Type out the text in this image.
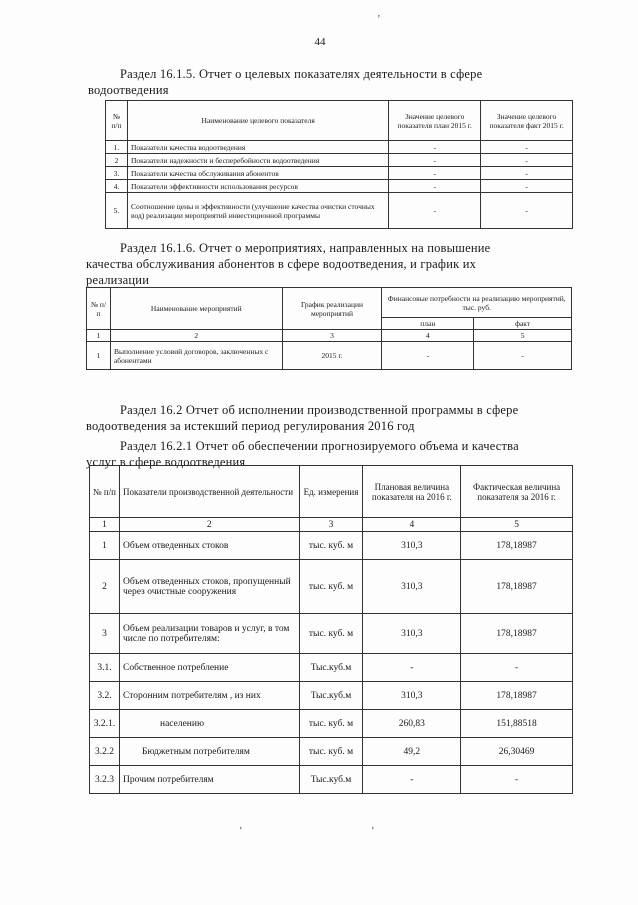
'
44
Раздел 16.1.5. Отчет о целевых показателях деятельности в сфере
водоотведения
№ п/п	Наименование целевого показателя	Значение целевого показателя план 2015 г.	Значение целевого показателя факт 2015 г.
1.	Показатели качества водоотведения	-	-
2	Показатели надежности и бесперебойности водоотведения	-	-
3.	Показатели качества обслуживания абонентов	-	-
4.	Показатели эффективности использования ресурсов	-	-
5.	Соотношение цены и эффективности (улучшение качества очистки сточных вод) реализации мероприятий инвестиционной программы	-	-
Раздел 16.1.6. Отчет о мероприятиях, направленных на повышение
качества обслуживания абонентов в сфере водоотведения, и график их
реализации
№ п/п	Наименование мероприятий	График реализации мероприятий	Финансовые потребности на реализацию мероприятий, тыс. руб.	
			план	факт
1	2	3	4	5
1	Выполнение условий договоров, заключенных с абонентами	2015 г.	-	-
Раздел 16.2 Отчет об исполнении производственной программы в сфере
водоотведения за истекший период регулирования 2016 год
Раздел 16.2.1 Отчет об обеспечении прогнозируемого объема и качества
услуг в сфере водоотведения
№ п/п	Показатели производственной деятельности	Ед. измерения	Плановая величина показателя на 2016 г.	Фактическая величина показателя за 2016 г.
1	2	3	4	5
1	Объем отведенных стоков	тыс. куб. м	310,3	178,18987
2	Объем отведенных стоков, пропущенный через очистные сооружения	тыс. куб. м	310,3	178,18987
3	Объем реализации товаров и услуг, в том числе по потребителям:	тыс. куб. м	310,3	178,18987
3.1.	Собственное потребление	Тыс.куб.м	-	-
3.2.	Сторонним потребителям , из них	Тыс.куб.м	310,3	178,18987
3.2.1.	населению	тыс. куб. м	260,83	151,88518
3.2.2	Бюджетным потребителям	тыс. куб. м	49,2	26,30469
3.2.3	Прочим потребителям	Тыс.куб.м	-	-
'	'
